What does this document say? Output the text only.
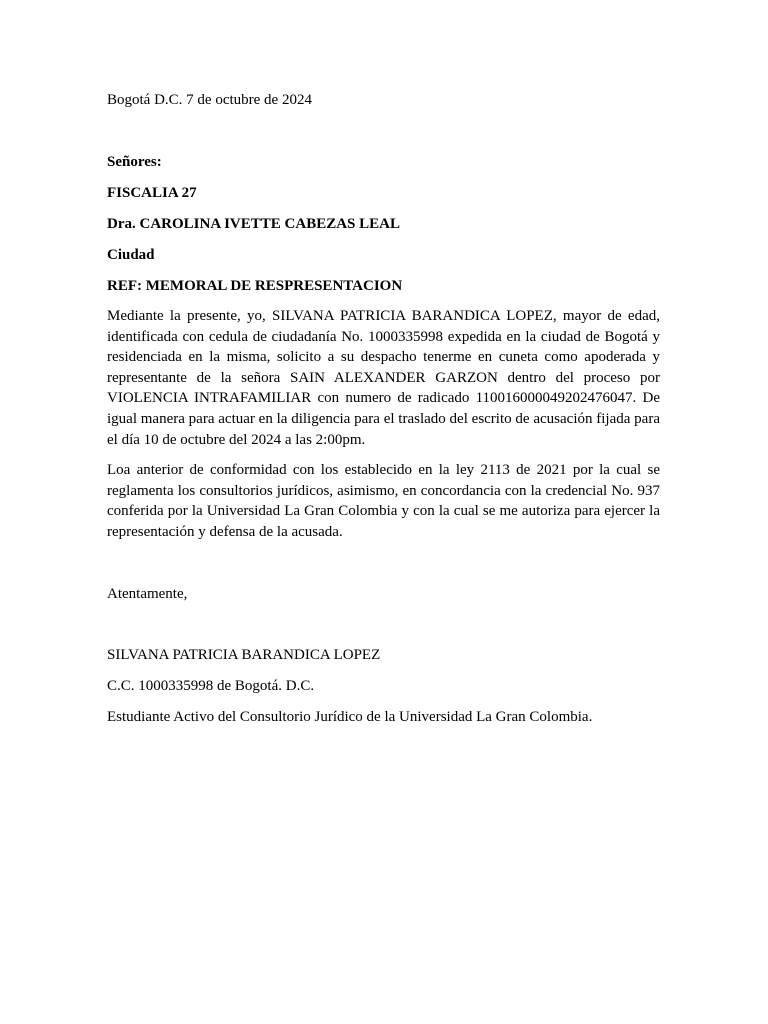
Bogotá D.C. 7 de octubre de 2024
Señores:
FISCALIA 27
Dra. CAROLINA IVETTE CABEZAS LEAL
Ciudad
REF: MEMORAL DE RESPRESENTACION
Mediante la presente, yo, SILVANA PATRICIA BARANDICA LOPEZ, mayor de edad, identificada con cedula de ciudadanía No. 1000335998 expedida en la ciudad de Bogotá y residenciada en la misma, solicito a su despacho tenerme en cuneta como apoderada y representante de la señora SAIN ALEXANDER GARZON dentro del proceso por VIOLENCIA INTRAFAMILIAR con numero de radicado 110016000049202476047. De igual manera para actuar en la diligencia para el traslado del escrito de acusación fijada para el día 10 de octubre del 2024 a las 2:00pm.
Loa anterior de conformidad con los establecido en la ley 2113 de 2021 por la cual se reglamenta los consultorios jurídicos, asimismo, en concordancia con la credencial No. 937 conferida por la Universidad La Gran Colombia y con la cual se me autoriza para ejercer la representación y defensa de la acusada.
Atentamente,
SILVANA PATRICIA BARANDICA LOPEZ
C.C. 1000335998 de Bogotá. D.C.
Estudiante Activo del Consultorio Jurídico de la Universidad La Gran Colombia.
